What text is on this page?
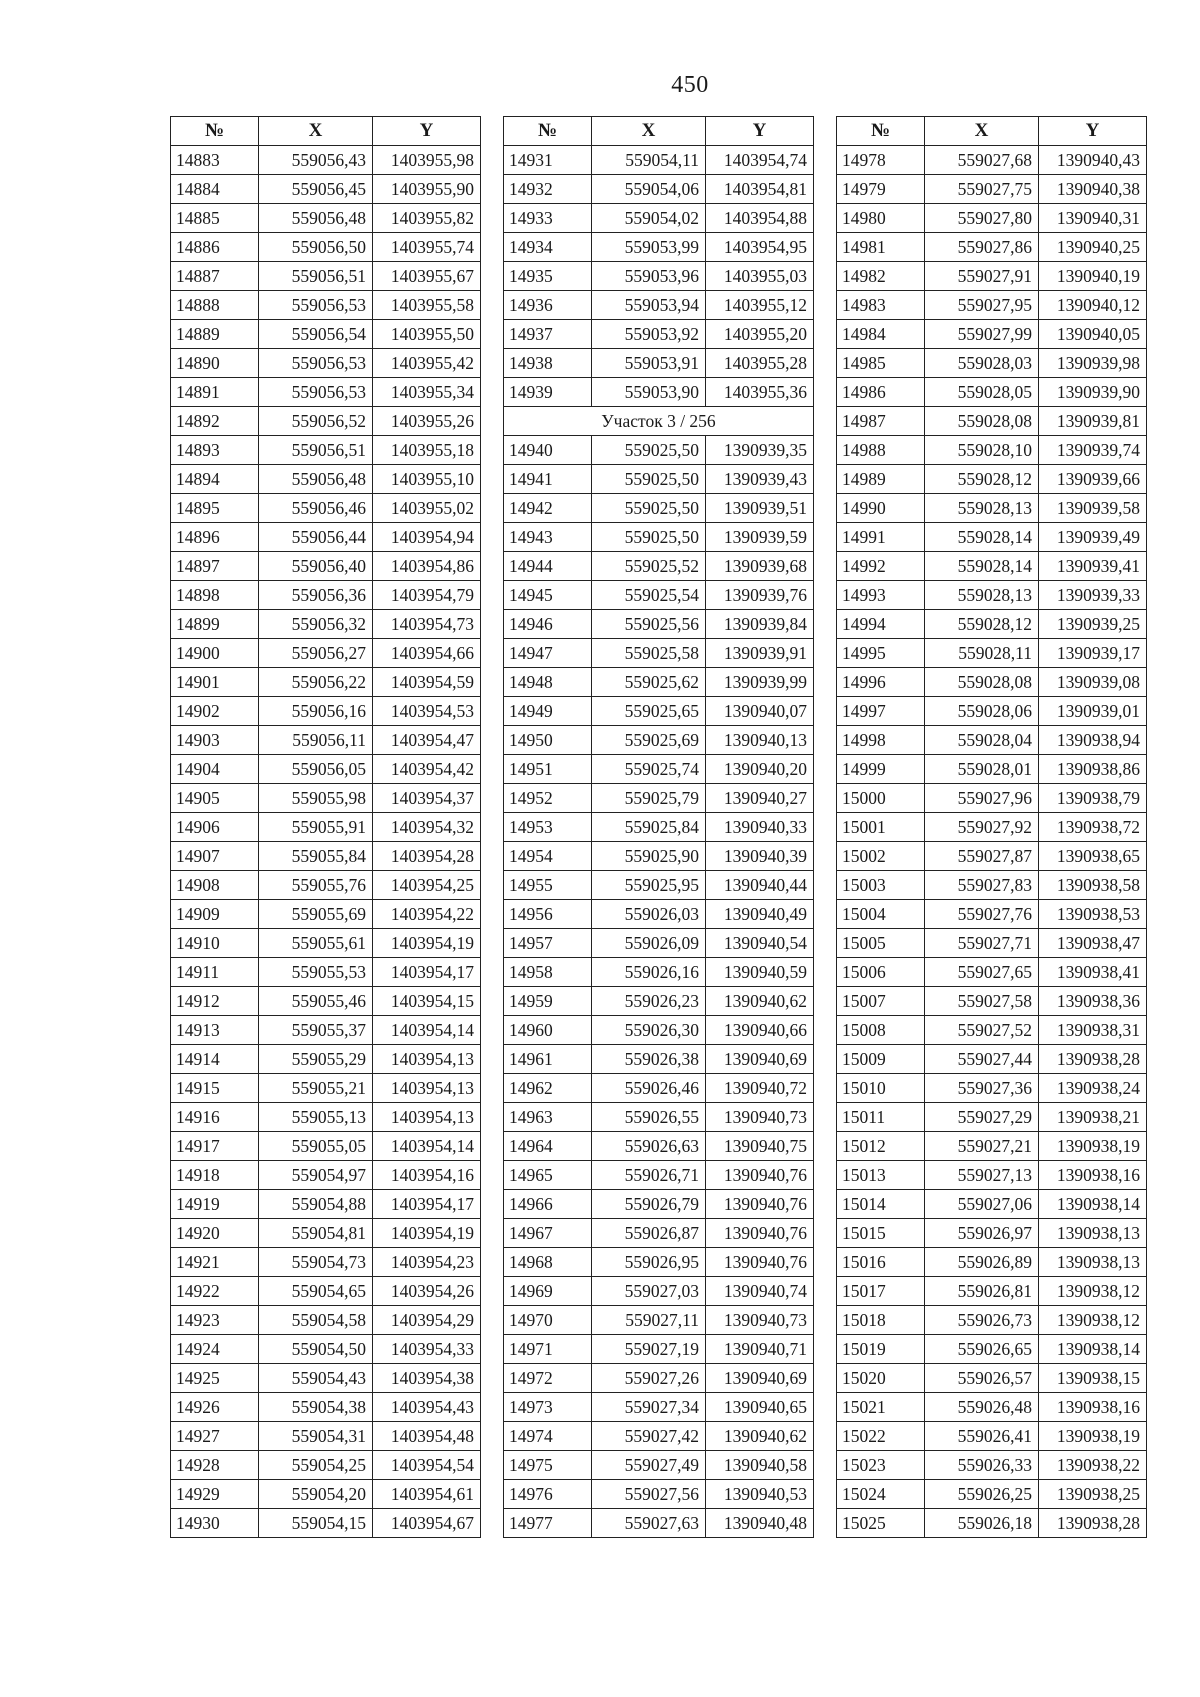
450
№	X	Y
14883	559056,43	1403955,98
14884	559056,45	1403955,90
14885	559056,48	1403955,82
14886	559056,50	1403955,74
14887	559056,51	1403955,67
14888	559056,53	1403955,58
14889	559056,54	1403955,50
14890	559056,53	1403955,42
14891	559056,53	1403955,34
14892	559056,52	1403955,26
14893	559056,51	1403955,18
14894	559056,48	1403955,10
14895	559056,46	1403955,02
14896	559056,44	1403954,94
14897	559056,40	1403954,86
14898	559056,36	1403954,79
14899	559056,32	1403954,73
14900	559056,27	1403954,66
14901	559056,22	1403954,59
14902	559056,16	1403954,53
14903	559056,11	1403954,47
14904	559056,05	1403954,42
14905	559055,98	1403954,37
14906	559055,91	1403954,32
14907	559055,84	1403954,28
14908	559055,76	1403954,25
14909	559055,69	1403954,22
14910	559055,61	1403954,19
14911	559055,53	1403954,17
14912	559055,46	1403954,15
14913	559055,37	1403954,14
14914	559055,29	1403954,13
14915	559055,21	1403954,13
14916	559055,13	1403954,13
14917	559055,05	1403954,14
14918	559054,97	1403954,16
14919	559054,88	1403954,17
14920	559054,81	1403954,19
14921	559054,73	1403954,23
14922	559054,65	1403954,26
14923	559054,58	1403954,29
14924	559054,50	1403954,33
14925	559054,43	1403954,38
14926	559054,38	1403954,43
14927	559054,31	1403954,48
14928	559054,25	1403954,54
14929	559054,20	1403954,61
14930	559054,15	1403954,67
№	X	Y
14931	559054,11	1403954,74
14932	559054,06	1403954,81
14933	559054,02	1403954,88
14934	559053,99	1403954,95
14935	559053,96	1403955,03
14936	559053,94	1403955,12
14937	559053,92	1403955,20
14938	559053,91	1403955,28
14939	559053,90	1403955,36
Участок 3 / 256		
14940	559025,50	1390939,35
14941	559025,50	1390939,43
14942	559025,50	1390939,51
14943	559025,50	1390939,59
14944	559025,52	1390939,68
14945	559025,54	1390939,76
14946	559025,56	1390939,84
14947	559025,58	1390939,91
14948	559025,62	1390939,99
14949	559025,65	1390940,07
14950	559025,69	1390940,13
14951	559025,74	1390940,20
14952	559025,79	1390940,27
14953	559025,84	1390940,33
14954	559025,90	1390940,39
14955	559025,95	1390940,44
14956	559026,03	1390940,49
14957	559026,09	1390940,54
14958	559026,16	1390940,59
14959	559026,23	1390940,62
14960	559026,30	1390940,66
14961	559026,38	1390940,69
14962	559026,46	1390940,72
14963	559026,55	1390940,73
14964	559026,63	1390940,75
14965	559026,71	1390940,76
14966	559026,79	1390940,76
14967	559026,87	1390940,76
14968	559026,95	1390940,76
14969	559027,03	1390940,74
14970	559027,11	1390940,73
14971	559027,19	1390940,71
14972	559027,26	1390940,69
14973	559027,34	1390940,65
14974	559027,42	1390940,62
14975	559027,49	1390940,58
14976	559027,56	1390940,53
14977	559027,63	1390940,48
№	X	Y
14978	559027,68	1390940,43
14979	559027,75	1390940,38
14980	559027,80	1390940,31
14981	559027,86	1390940,25
14982	559027,91	1390940,19
14983	559027,95	1390940,12
14984	559027,99	1390940,05
14985	559028,03	1390939,98
14986	559028,05	1390939,90
14987	559028,08	1390939,81
14988	559028,10	1390939,74
14989	559028,12	1390939,66
14990	559028,13	1390939,58
14991	559028,14	1390939,49
14992	559028,14	1390939,41
14993	559028,13	1390939,33
14994	559028,12	1390939,25
14995	559028,11	1390939,17
14996	559028,08	1390939,08
14997	559028,06	1390939,01
14998	559028,04	1390938,94
14999	559028,01	1390938,86
15000	559027,96	1390938,79
15001	559027,92	1390938,72
15002	559027,87	1390938,65
15003	559027,83	1390938,58
15004	559027,76	1390938,53
15005	559027,71	1390938,47
15006	559027,65	1390938,41
15007	559027,58	1390938,36
15008	559027,52	1390938,31
15009	559027,44	1390938,28
15010	559027,36	1390938,24
15011	559027,29	1390938,21
15012	559027,21	1390938,19
15013	559027,13	1390938,16
15014	559027,06	1390938,14
15015	559026,97	1390938,13
15016	559026,89	1390938,13
15017	559026,81	1390938,12
15018	559026,73	1390938,12
15019	559026,65	1390938,14
15020	559026,57	1390938,15
15021	559026,48	1390938,16
15022	559026,41	1390938,19
15023	559026,33	1390938,22
15024	559026,25	1390938,25
15025	559026,18	1390938,28
